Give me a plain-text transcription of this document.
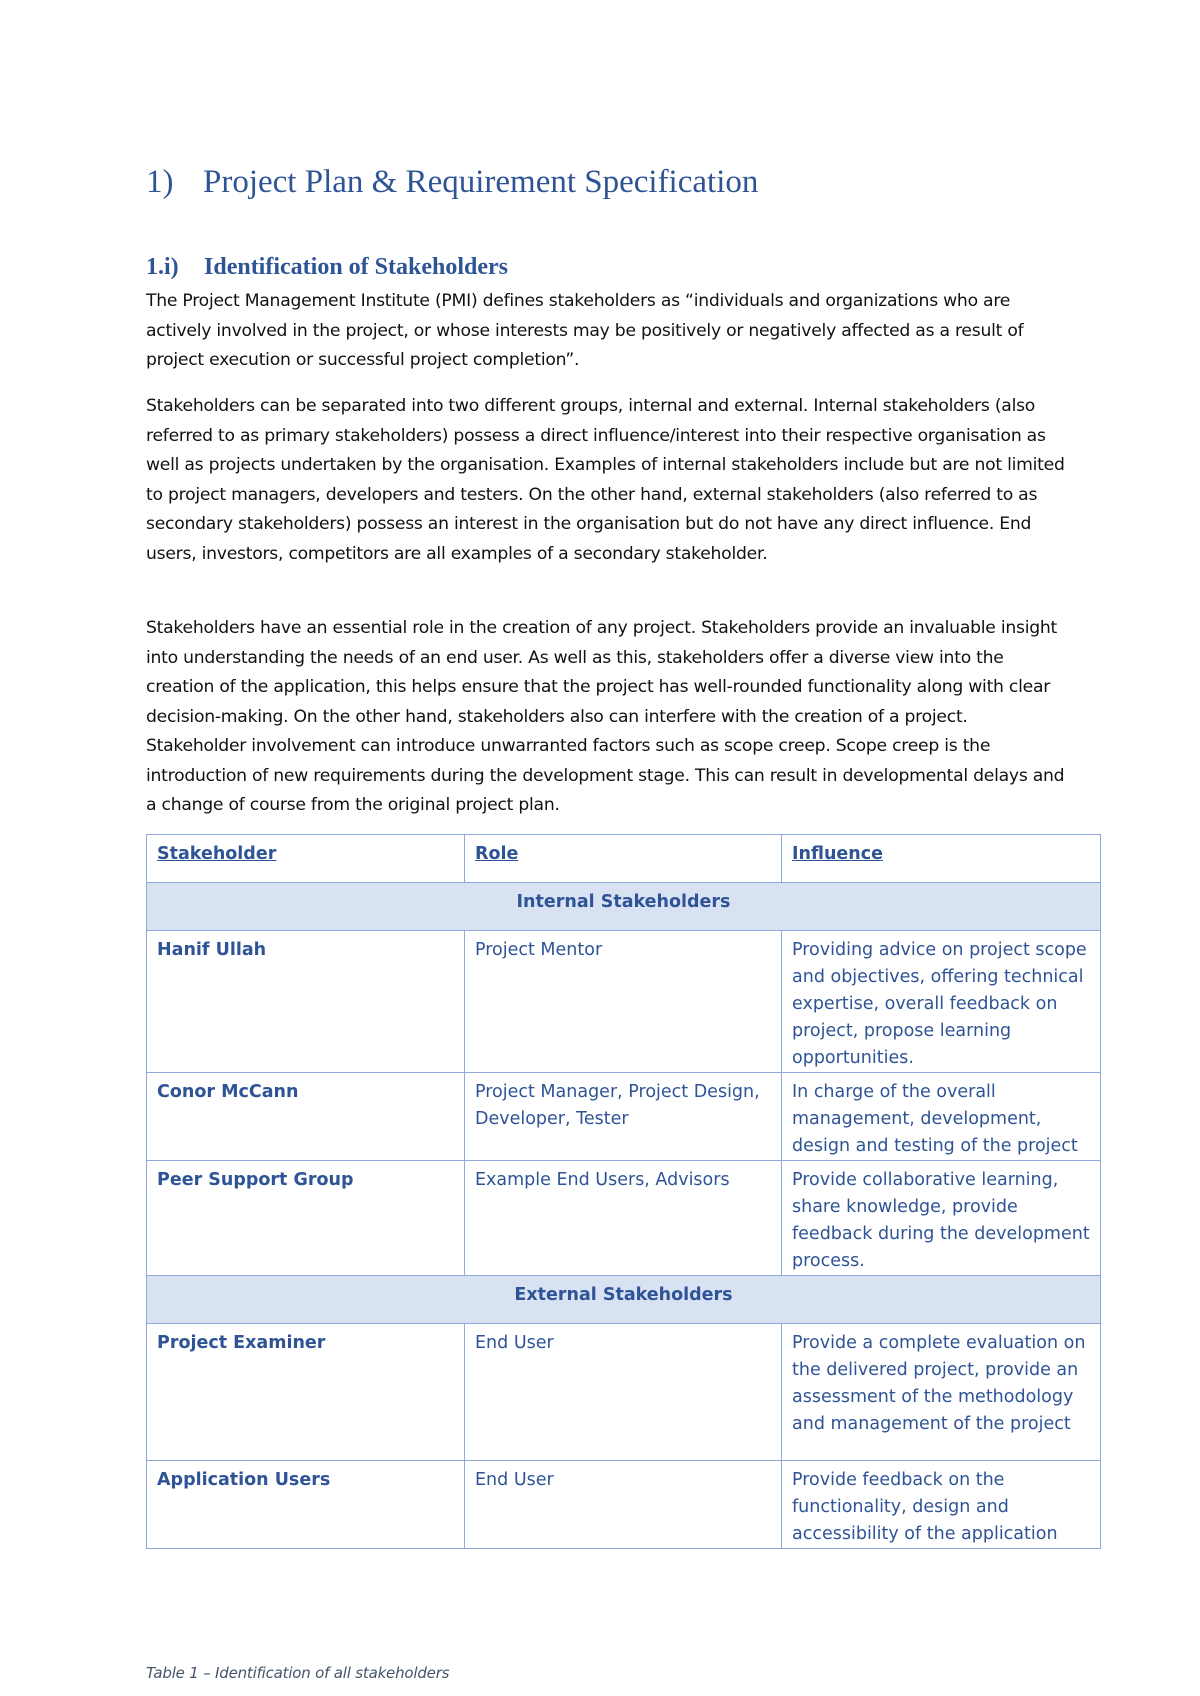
1) Project Plan & Requirement Specification
1.i) Identification of Stakeholders

The Project Management Institute (PMI) defines stakeholders as “individuals and organizations who are actively involved in the project, or whose interests may be positively or negatively affected as a result of project execution or successful project completion”.

Stakeholders can be separated into two different groups, internal and external. Internal stakeholders (also referred to as primary stakeholders) possess a direct influence/interest into their respective organisation as well as projects undertaken by the organisation. Examples of internal stakeholders include but are not limited to project managers, developers and testers. On the other hand, external stakeholders (also referred to as secondary stakeholders) possess an interest in the organisation but do not have any direct influence. End users, investors, competitors are all examples of a secondary stakeholder.

Stakeholders have an essential role in the creation of any project. Stakeholders provide an invaluable insight into understanding the needs of an end user. As well as this, stakeholders offer a diverse view into the creation of the application, this helps ensure that the project has well-rounded functionality along with clear decision-making. On the other hand, stakeholders also can interfere with the creation of a project. Stakeholder involvement can introduce unwarranted factors such as scope creep. Scope creep is the introduction of new requirements during the development stage. This can result in developmental delays and a change of course from the original project plan.

Stakeholder	Role	Influence
Internal Stakeholders		
Hanif Ullah	Project Mentor	Providing advice on project scope and objectives, offering technical expertise, overall feedback on project, propose learning opportunities.
Conor McCann	Project Manager, Project Design, Developer, Tester	In charge of the overall management, development, design and testing of the project
Peer Support Group	Example End Users, Advisors	Provide collaborative learning, share knowledge, provide feedback during the development process.
External Stakeholders		
Project Examiner	End User	Provide a complete evaluation on the delivered project, provide an assessment of the methodology and management of the project
Application Users	End User	Provide feedback on the functionality, design and accessibility of the application

Table 1 – Identification of all stakeholders
